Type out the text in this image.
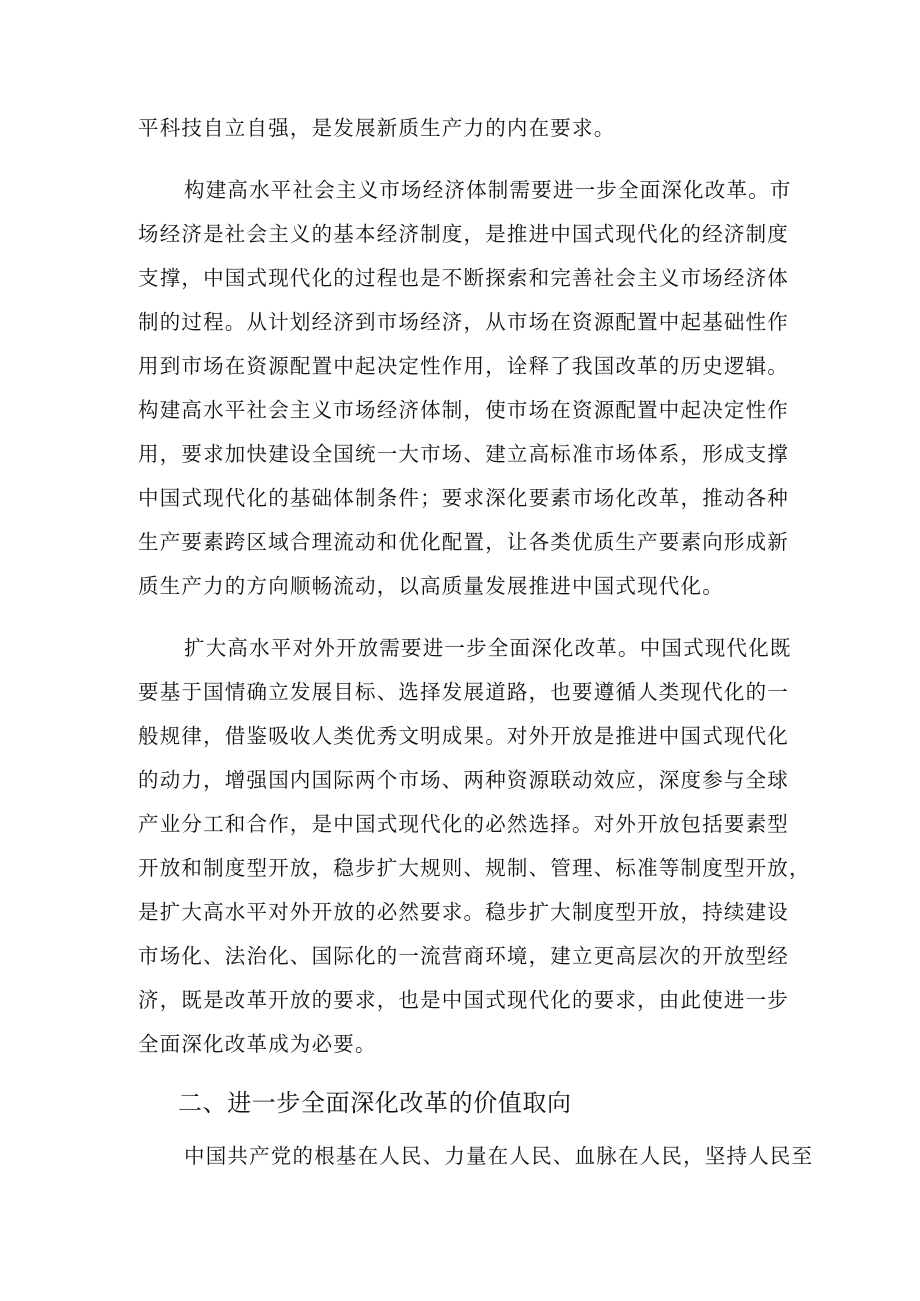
平科技自立自强，是发展新质生产力的内在要求。
构建高水平社会主义市场经济体制需要进一步全面深化改革。市
场经济是社会主义的基本经济制度，是推进中国式现代化的经济制度
支撑，中国式现代化的过程也是不断探索和完善社会主义市场经济体
制的过程。从计划经济到市场经济，从市场在资源配置中起基础性作
用到市场在资源配置中起决定性作用，诠释了我国改革的历史逻辑。
构建高水平社会主义市场经济体制，使市场在资源配置中起决定性作
用，要求加快建设全国统一大市场、建立高标准市场体系，形成支撑
中国式现代化的基础体制条件；要求深化要素市场化改革，推动各种
生产要素跨区域合理流动和优化配置，让各类优质生产要素向形成新
质生产力的方向顺畅流动，以高质量发展推进中国式现代化。
扩大高水平对外开放需要进一步全面深化改革。中国式现代化既
要基于国情确立发展目标、选择发展道路，也要遵循人类现代化的一
般规律，借鉴吸收人类优秀文明成果。对外开放是推进中国式现代化
的动力，增强国内国际两个市场、两种资源联动效应，深度参与全球
产业分工和合作，是中国式现代化的必然选择。对外开放包括要素型
开放和制度型开放，稳步扩大规则、规制、管理、标准等制度型开放，
是扩大高水平对外开放的必然要求。稳步扩大制度型开放，持续建设
市场化、法治化、国际化的一流营商环境，建立更高层次的开放型经
济，既是改革开放的要求，也是中国式现代化的要求，由此使进一步
全面深化改革成为必要。
二、进一步全面深化改革的价值取向
中国共产党的根基在人民、力量在人民、血脉在人民，坚持人民至
